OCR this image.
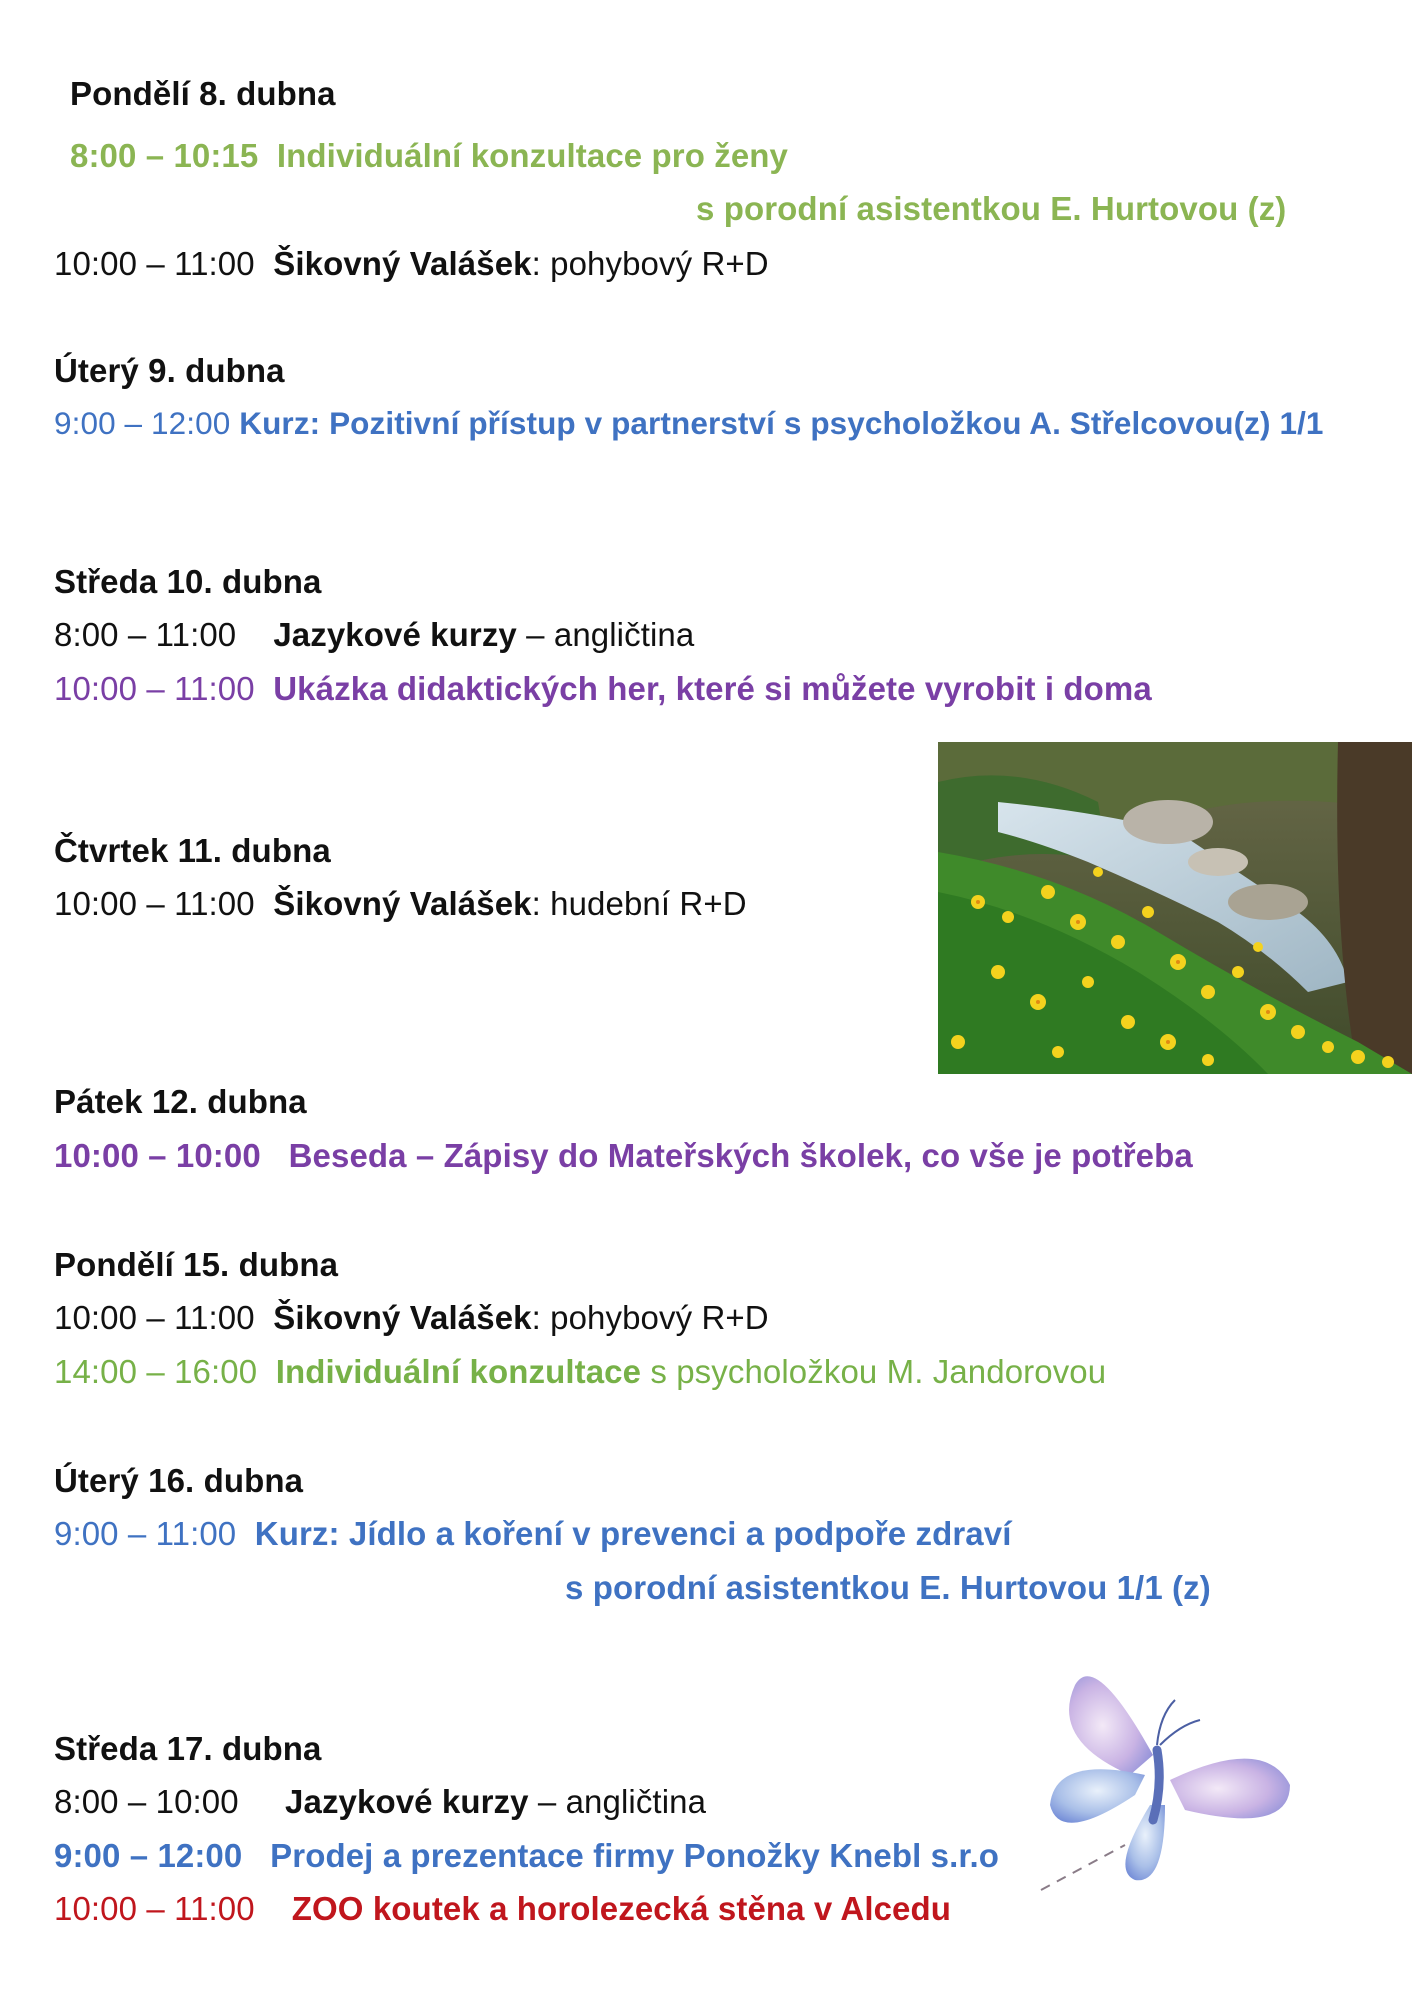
Pondělí 8. dubna
8:00 – 10:15 Individuální konzultace pro ženy
s porodní asistentkou E. Hurtovou (z)
10:00 – 11:00 Šikovný Valášek: pohybový R+D
Úterý 9. dubna
9:00 – 12:00 Kurz: Pozitivní přístup v partnerství s psycholožkou A. Střelcovou(z) 1/1
Středa 10. dubna
8:00 – 11:00 Jazykové kurzy – angličtina
10:00 – 11:00 Ukázka didaktických her, které si můžete vyrobit i doma
Čtvrtek 11. dubna
10:00 – 11:00 Šikovný Valášek: hudební R+D
Pátek 12. dubna
10:00 – 10:00 Beseda – Zápisy do Mateřských školek, co vše je potřeba
Pondělí 15. dubna
10:00 – 11:00 Šikovný Valášek: pohybový R+D
14:00 – 16:00 Individuální konzultace s psycholožkou M. Jandorovou
Úterý 16. dubna
9:00 – 11:00 Kurz: Jídlo a koření v prevenci a podpoře zdraví
s porodní asistentkou E. Hurtovou 1/1 (z)
Středa 17. dubna
8:00 – 10:00 Jazykové kurzy – angličtina
9:00 – 12:00 Prodej a prezentace firmy Ponožky Knebl s.r.o
10:00 – 11:00 ZOO koutek a horolezecká stěna v Alcedu
